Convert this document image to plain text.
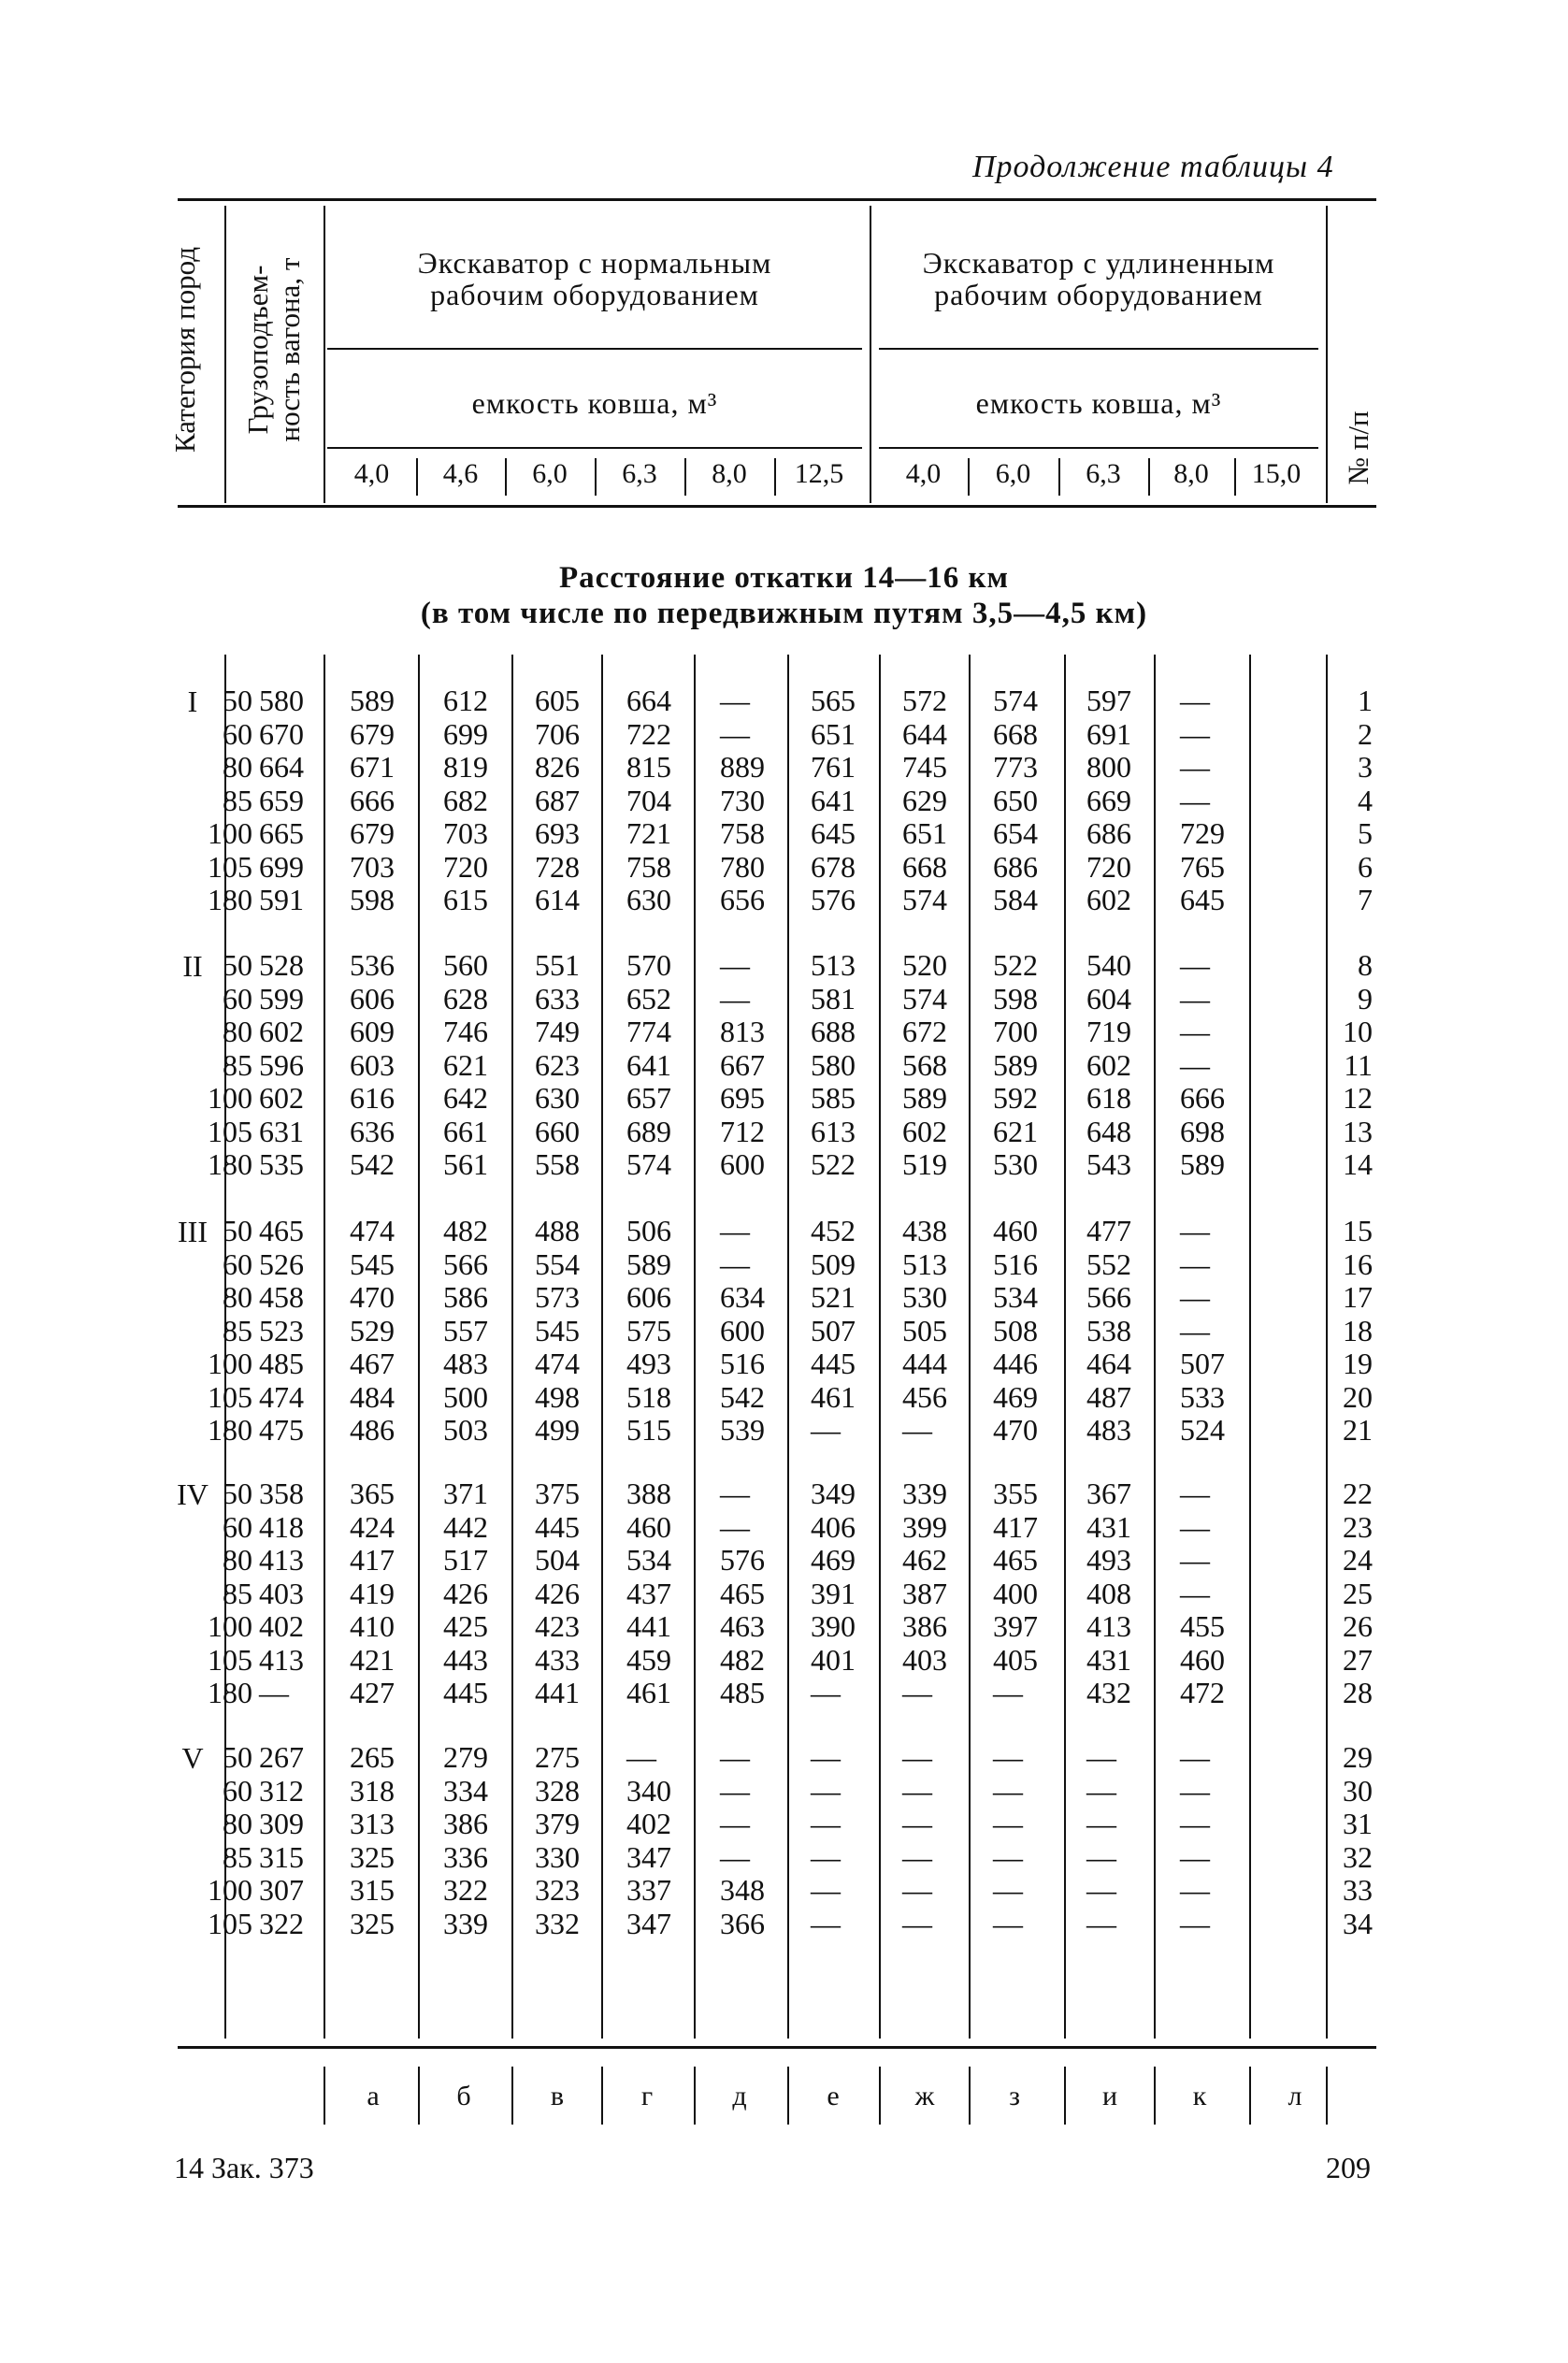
Продолжение таблицы 4
Категория пород Грузоподъем- ность вагона, т
№ п/п
Экскаватор с нормальным
рабочим оборудованием
Экскаватор с удлиненным
рабочим оборудованием
емкость ковша, м³	емкость ковша, м³
4,0	4,6	6,0	6,3	8,0	12,5	4,0	6,0	6,3	8,0	15,0
Расстояние откатки 14—16 км
(в том числе по передвижным путям 3,5—4,5 км)
I 50 580	589	612	605	664	—	565	572	574	597	—	1
60 670	679	699	706	722	—	651	644	668	691	—	2
80 664	671	819	826	815	889	761	745	773	800	—	3
85 659	666	682	687	704	730	641	629	650	669	—	4
100 665	679	703	693	721	758	645	651	654	686	729	5
105 699	703	720	728	758	780	678	668	686	720	765	6
180 591	598	615	614	630	656	576	574	584	602	645	7
II 50 528	536	560	551	570	—	513	520	522	540	—	8
60 599	606	628	633	652	—	581	574	598	604	—	9
80 602	609	746	749	774	813	688	672	700	719	—	10
85 596	603	621	623	641	667	580	568	589	602	—	11
100 602	616	642	630	657	695	585	589	592	618	666	12
105 631	636	661	660	689	712	613	602	621	648	698	13
180 535	542	561	558	574	600	522	519	530	543	589	14
III 50 465	474	482	488	506	—	452	438	460	477	—	15
60 526	545	566	554	589	—	509	513	516	552	—	16
80 458	470	586	573	606	634	521	530	534	566	—	17
85 523	529	557	545	575	600	507	505	508	538	—	18
100 485	467	483	474	493	516	445	444	446	464	507	19
105 474	484	500	498	518	542	461	456	469	487	533	20
180 475	486	503	499	515	539	—	—	470	483	524	21
IV 50 358	365	371	375	388	—	349	339	355	367	—	22
60 418	424	442	445	460	—	406	399	417	431	—	23
80 413	417	517	504	534	576	469	462	465	493	—	24
85 403	419	426	426	437	465	391	387	400	408	—	25
100 402	410	425	423	441	463	390	386	397	413	455	26
105 413	421	443	433	459	482	401	403	405	431	460	27
180 —	427	445	441	461	485	—	—	—	432	472	28
V 50 267	265	279	275	—	—	—	—	—	—	—	29
60 312	318	334	328	340	—	—	—	—	—	—	30
80 309	313	386	379	402	—	—	—	—	—	—	31
85 315	325	336	330	347	—	—	—	—	—	—	32
100 307	315	322	323	337	348	—	—	—	—	—	33
105 322	325	339	332	347	366	—	—	—	—	—	34
а	б	в	г	д	е	ж	з	и	к	л
14 Зак. 373	209
